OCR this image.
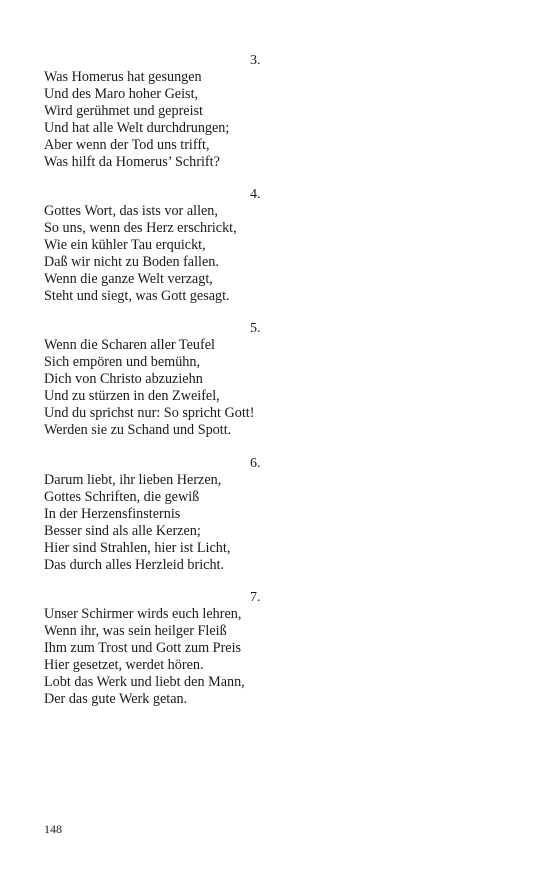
3.
Was Homerus hat gesungen
Und des Maro hoher Geist,
Wird gerühmet und gepreist
Und hat alle Welt durchdrungen;
Aber wenn der Tod uns trifft,
Was hilft da Homerus’ Schrift?
4.
Gottes Wort, das ists vor allen,
So uns, wenn des Herz erschrickt,
Wie ein kühler Tau erquickt,
Daß wir nicht zu Boden fallen.
Wenn die ganze Welt verzagt,
Steht und siegt, was Gott gesagt.
5.
Wenn die Scharen aller Teufel
Sich empören und bemühn,
Dich von Christo abzuziehn
Und zu stürzen in den Zweifel,
Und du sprichst nur: So spricht Gott!
Werden sie zu Schand und Spott.
6.
Darum liebt, ihr lieben Herzen,
Gottes Schriften, die gewiß
In der Herzensfinsternis
Besser sind als alle Kerzen;
Hier sind Strahlen, hier ist Licht,
Das durch alles Herzleid bricht.
7.
Unser Schirmer wirds euch lehren,
Wenn ihr, was sein heilger Fleiß
Ihm zum Trost und Gott zum Preis
Hier gesetzet, werdet hören.
Lobt das Werk und liebt den Mann,
Der das gute Werk getan.
148
